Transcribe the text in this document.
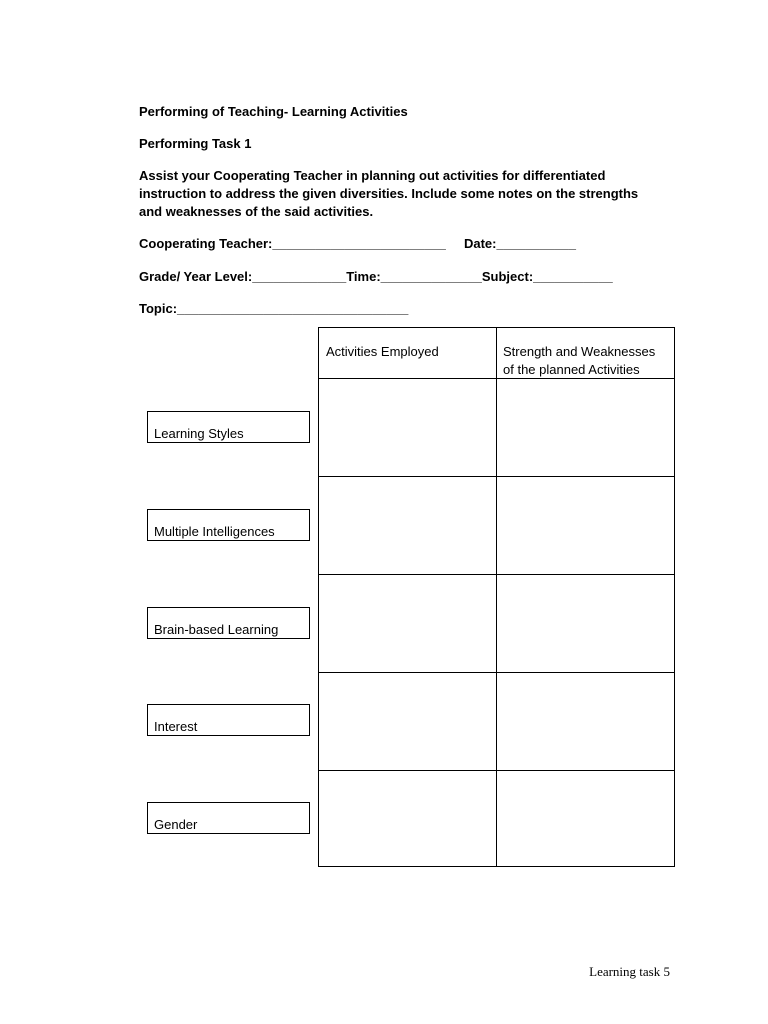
Performing of Teaching- Learning Activities
Performing Task 1
Assist your Cooperating Teacher in planning out activities for differentiated
instruction to address the given diversities. Include some notes on the strengths
and weaknesses of the said activities.
Cooperating Teacher:________________________     Date:___________
Grade/ Year Level:_____________Time:______________Subject:___________
Topic:________________________________
Learning Styles
Multiple Intelligences
Brain-based Learning
Interest
Gender
Activities Employed	Strength and Weaknesses
of the planned Activities
Learning task 5
